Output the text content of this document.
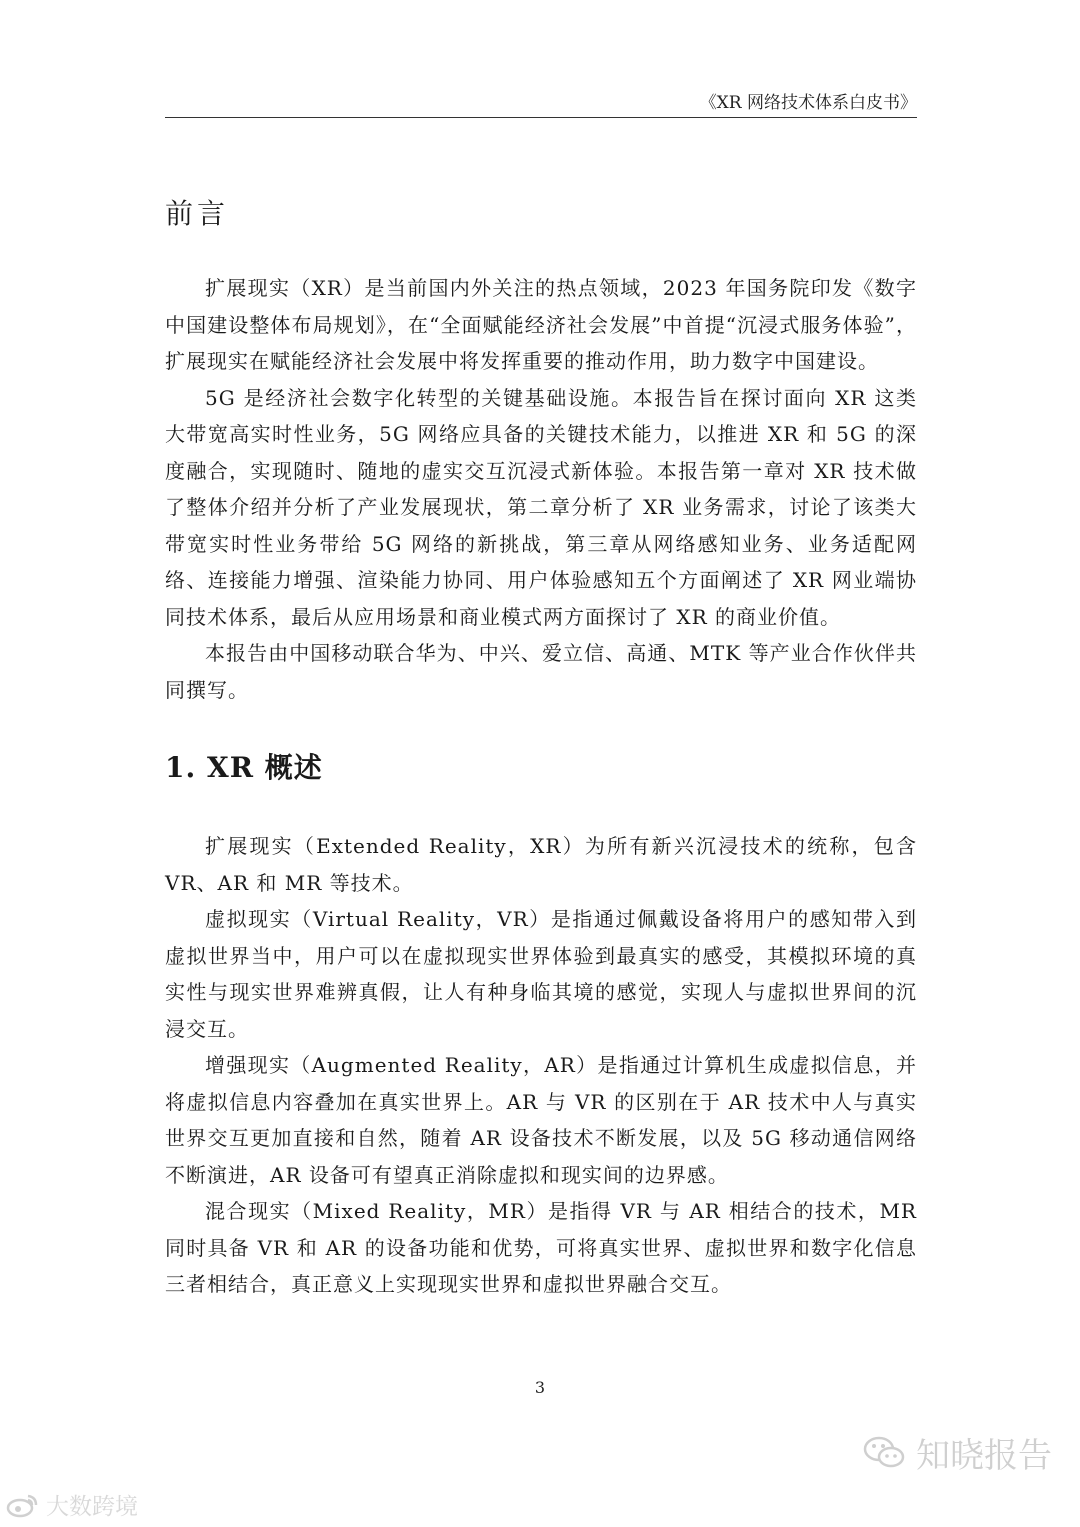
《XR 网络技术体系白皮书》
前言

扩展现实（XR）是当前国内外关注的热点领域，2023 年国务院印发《数字中国建设整体布局规划》，在“全面赋能经济社会发展”中首提“沉浸式服务体验”，扩展现实在赋能经济社会发展中将发挥重要的推动作用，助力数字中国建设。

5G 是经济社会数字化转型的关键基础设施。本报告旨在探讨面向 XR 这类大带宽高实时性业务，5G 网络应具备的关键技术能力，以推进 XR 和 5G 的深度融合，实现随时、随地的虚实交互沉浸式新体验。本报告第一章对 XR 技术做了整体介绍并分析了产业发展现状，第二章分析了 XR 业务需求，讨论了该类大带宽实时性业务带给 5G 网络的新挑战，第三章从网络感知业务、业务适配网络、连接能力增强、渲染能力协同、用户体验感知五个方面阐述了 XR 网业端协同技术体系，最后从应用场景和商业模式两方面探讨了 XR 的商业价值。

本报告由中国移动联合华为、中兴、爱立信、高通、MTK 等产业合作伙伴共同撰写。

1. XR 概述

扩展现实（Extended Reality，XR）为所有新兴沉浸技术的统称，包含 VR、AR 和 MR 等技术。

虚拟现实（Virtual Reality，VR）是指通过佩戴设备将用户的感知带入到虚拟世界当中，用户可以在虚拟现实世界体验到最真实的感受，其模拟环境的真实性与现实世界难辨真假，让人有种身临其境的感觉，实现人与虚拟世界间的沉浸交互。

增强现实（Augmented Reality，AR）是指通过计算机生成虚拟信息，并将虚拟信息内容叠加在真实世界上。AR 与 VR 的区别在于 AR 技术中人与真实世界交互更加直接和自然，随着 AR 设备技术不断发展，以及 5G 移动通信网络不断演进，AR 设备可有望真正消除虚拟和现实间的边界感。

混合现实（Mixed Reality，MR）是指得 VR 与 AR 相结合的技术，MR 同时具备 VR 和 AR 的设备功能和优势，可将真实世界、虚拟世界和数字化信息三者相结合，真正意义上实现现实世界和虚拟世界融合交互。

3
大数跨境
知晓报告
